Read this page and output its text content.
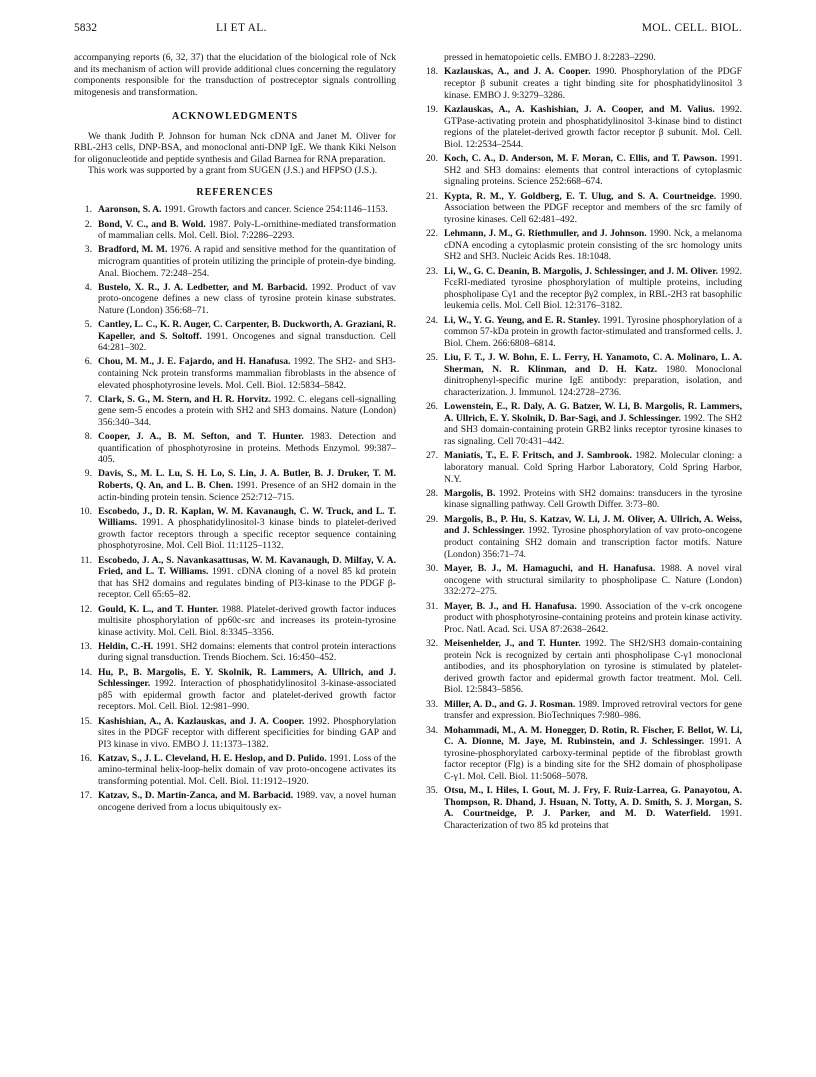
5832	LI ET AL.	MOL. CELL. BIOL.

accompanying reports (6, 32, 37) that the elucidation of the biological role of Nck and its mechanism of action will provide additional clues concerning the regulatory components responsible for the transduction of postreceptor signals controlling mitogenesis and transformation.

ACKNOWLEDGMENTS

We thank Judith P. Johnson for human Nck cDNA and Janet M. Oliver for RBL-2H3 cells, DNP-BSA, and monoclonal anti-DNP IgE. We thank Kiki Nelson for oligonucleotide and peptide synthesis and Gilad Barnea for RNA preparation.

This work was supported by a grant from SUGEN (J.S.) and HFPSO (J.S.).

REFERENCES
1. Aaronson, S. A. 1991. Growth factors and cancer. Science 254:1146–1153.
2. Bond, V. C., and B. Wold. 1987. Poly-L-ornithine-mediated transformation of mammalian cells. Mol. Cell. Biol. 7:2286–2293.
3. Bradford, M. M. 1976. A rapid and sensitive method for the quantitation of microgram quantities of protein utilizing the principle of protein-dye binding. Anal. Biochem. 72:248–254.
4. Bustelo, X. R., J. A. Ledbetter, and M. Barbacid. 1992. Product of vav proto-oncogene defines a new class of tyrosine protein kinase substrates. Nature (London) 356:68–71.
5. Cantley, L. C., K. R. Auger, C. Carpenter, B. Duckworth, A. Graziani, R. Kapeller, and S. Soltoff. 1991. Oncogenes and signal transduction. Cell 64:281–302.
6. Chou, M. M., J. E. Fajardo, and H. Hanafusa. 1992. The SH2- and SH3-containing Nck protein transforms mammalian fibroblasts in the absence of elevated phosphotyrosine levels. Mol. Cell. Biol. 12:5834–5842.
7. Clark, S. G., M. Stern, and H. R. Horvitz. 1992. C. elegans cell-signalling gene sem-5 encodes a protein with SH2 and SH3 domains. Nature (London) 356:340–344.
8. Cooper, J. A., B. M. Sefton, and T. Hunter. 1983. Detection and quantification of phosphotyrosine in proteins. Methods Enzymol. 99:387–405.
9. Davis, S., M. L. Lu, S. H. Lo, S. Lin, J. A. Butler, B. J. Druker, T. M. Roberts, Q. An, and L. B. Chen. 1991. Presence of an SH2 domain in the actin-binding protein tensin. Science 252:712–715.
10. Escobedo, J., D. R. Kaplan, W. M. Kavanaugh, C. W. Truck, and L. T. Williams. 1991. A phosphatidylinositol-3 kinase binds to platelet-derived growth factor receptors through a specific receptor sequence containing phosphotyrosine. Mol. Cell Biol. 11:1125–1132.
11. Escobedo, J. A., S. Navankasattusas, W. M. Kavanaugh, D. Milfay, V. A. Fried, and L. T. Williams. 1991. cDNA cloning of a novel 85 kd protein that has SH2 domains and regulates binding of PI3-kinase to the PDGF β-receptor. Cell 65:65–82.
12. Gould, K. L., and T. Hunter. 1988. Platelet-derived growth factor induces multisite phosphorylation of pp60c-src and increases its protein-tyrosine kinase activity. Mol. Cell. Biol. 8:3345–3356.
13. Heldin, C.-H. 1991. SH2 domains: elements that control protein interactions during signal transduction. Trends Biochem. Sci. 16:450–452.
14. Hu, P., B. Margolis, E. Y. Skolnik, R. Lammers, A. Ullrich, and J. Schlessinger. 1992. Interaction of phosphatidylinositol 3-kinase-associated p85 with epidermal growth factor and platelet-derived growth factor receptors. Mol. Cell. Biol. 12:981–990.
15. Kashishian, A., A. Kazlauskas, and J. A. Cooper. 1992. Phosphorylation sites in the PDGF receptor with different specificities for binding GAP and PI3 kinase in vivo. EMBO J. 11:1373–1382.
16. Katzav, S., J. L. Cleveland, H. E. Heslop, and D. Pulido. 1991. Loss of the amino-terminal helix-loop-helix domain of vav proto-oncogene activates its transforming potential. Mol. Cell. Biol. 11:1912–1920.
17. Katzav, S., D. Martin-Zanca, and M. Barbacid. 1989. vav, a novel human oncogene derived from a locus ubiquitously ex-
pressed in hematopoietic cells. EMBO J. 8:2283–2290.
18. Kazlauskas, A., and J. A. Cooper. 1990. Phosphorylation of the PDGF receptor β subunit creates a tight binding site for phosphatidylinositol 3 kinase. EMBO J. 9:3279–3286.
19. Kazlauskas, A., A. Kashishian, J. A. Cooper, and M. Valius. 1992. GTPase-activating protein and phosphatidylinositol 3-kinase bind to distinct regions of the platelet-derived growth factor receptor β subunit. Mol. Cell. Biol. 12:2534–2544.
20. Koch, C. A., D. Anderson, M. F. Moran, C. Ellis, and T. Pawson. 1991. SH2 and SH3 domains: elements that control interactions of cytoplasmic signaling proteins. Science 252:668–674.
21. Kypta, R. M., Y. Goldberg, E. T. Ulug, and S. A. Courtneidge. 1990. Association between the PDGF receptor and members of the src family of tyrosine kinases. Cell 62:481–492.
22. Lehmann, J. M., G. Riethmuller, and J. Johnson. 1990. Nck, a melanoma cDNA encoding a cytoplasmic protein consisting of the src homology units SH2 and SH3. Nucleic Acids Res. 18:1048.
23. Li, W., G. C. Deanin, B. Margolis, J. Schlessinger, and J. M. Oliver. 1992. FcεRI-mediated tyrosine phosphorylation of multiple proteins, including phospholipase Cγ1 and the receptor βγ2 complex, in RBL-2H3 rat basophilic leukemia cells. Mol. Cell Biol. 12:3176–3182.
24. Li, W., Y. G. Yeung, and E. R. Stanley. 1991. Tyrosine phosphorylation of a common 57-kDa protein in growth factor-stimulated and transformed cells. J. Biol. Chem. 266:6808–6814.
25. Liu, F. T., J. W. Bohn, E. L. Ferry, H. Yanamoto, C. A. Molinaro, L. A. Sherman, N. R. Klinman, and D. H. Katz. 1980. Monoclonal dinitrophenyl-specific murine IgE antibody: preparation, isolation, and characterization. J. Immunol. 124:2728–2736.
26. Lowenstein, E., R. Daly, A. G. Batzer, W. Li, B. Margolis, R. Lammers, A. Ullrich, E. Y. Skolnik, D. Bar-Sagi, and J. Schlessinger. 1992. The SH2 and SH3 domain-containing protein GRB2 links receptor tyrosine kinases to ras signaling. Cell 70:431–442.
27. Maniatis, T., E. F. Fritsch, and J. Sambrook. 1982. Molecular cloning: a laboratory manual. Cold Spring Harbor Laboratory, Cold Spring Harbor, N.Y.
28. Margolis, B. 1992. Proteins with SH2 domains: transducers in the tyrosine kinase signalling pathway. Cell Growth Differ. 3:73–80.
29. Margolis, B., P. Hu, S. Katzav, W. Li, J. M. Oliver, A. Ullrich, A. Weiss, and J. Schlessinger. 1992. Tyrosine phosphorylation of vav proto-oncogene product containing SH2 domain and transcription factor motifs. Nature (London) 356:71–74.
30. Mayer, B. J., M. Hamaguchi, and H. Hanafusa. 1988. A novel viral oncogene with structural similarity to phospholipase C. Nature (London) 332:272–275.
31. Mayer, B. J., and H. Hanafusa. 1990. Association of the v-crk oncogene product with phosphotyrosine-containing proteins and protein kinase activity. Proc. Natl. Acad. Sci. USA 87:2638–2642.
32. Meisenhelder, J., and T. Hunter. 1992. The SH2/SH3 domain-containing protein Nck is recognized by certain anti phospholipase C-γ1 monoclonal antibodies, and its phosphorylation on tyrosine is stimulated by platelet-derived growth factor and epidermal growth factor treatment. Mol. Cell. Biol. 12:5843–5856.
33. Miller, A. D., and G. J. Rosman. 1989. Improved retroviral vectors for gene transfer and expression. BioTechniques 7:980–986.
34. Mohammadi, M., A. M. Honegger, D. Rotin, R. Fischer, F. Bellot, W. Li, C. A. Dionne, M. Jaye, M. Rubinstein, and J. Schlessinger. 1991. A tyrosine-phosphorylated carboxy-terminal peptide of the fibroblast growth factor receptor (Flg) is a binding site for the SH2 domain of phospholipase C-γ1. Mol. Cell. Biol. 11:5068–5078.
35. Otsu, M., I. Hiles, I. Gout, M. J. Fry, F. Ruiz-Larrea, G. Panayotou, A. Thompson, R. Dhand, J. Hsuan, N. Totty, A. D. Smith, S. J. Morgan, S. A. Courtneidge, P. J. Parker, and M. D. Waterfield. 1991. Characterization of two 85 kd proteins that
